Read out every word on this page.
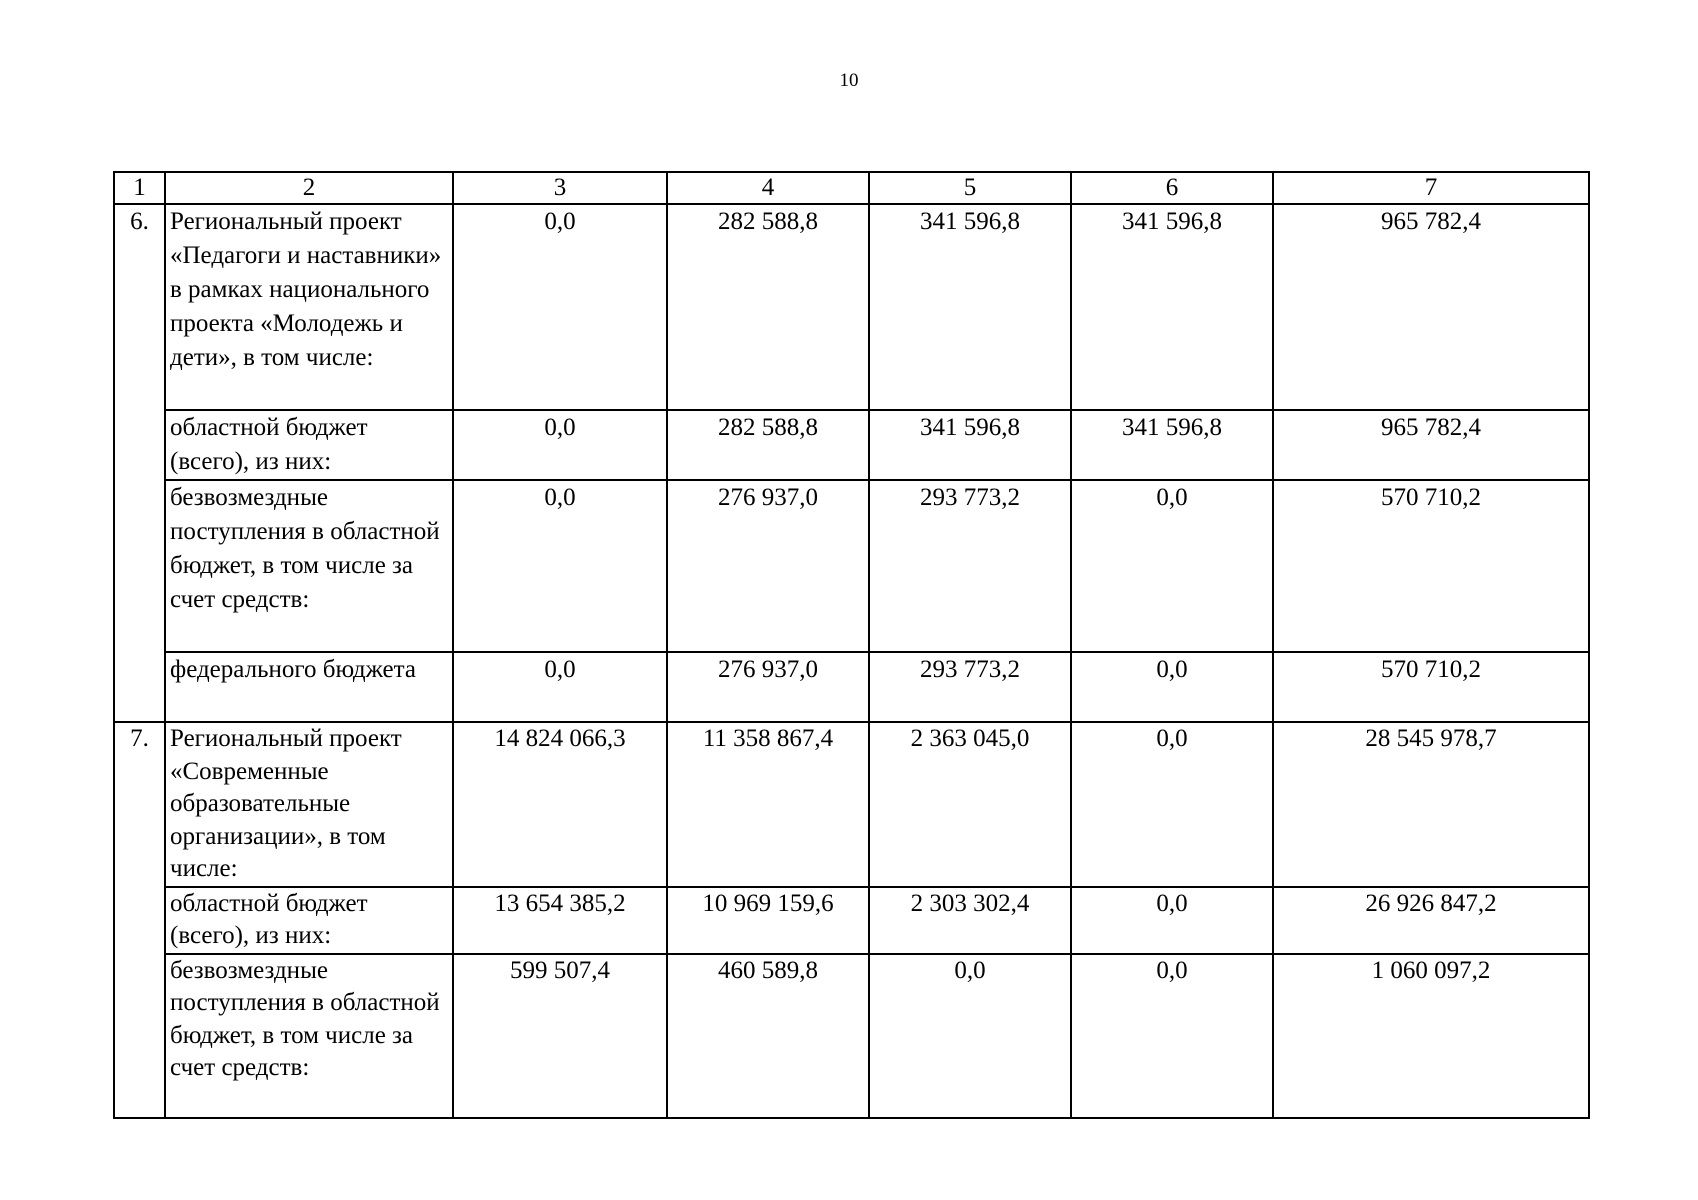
10
1	2	3	4	5	6	7
6.	Региональный проект «Педагоги и наставники» в рамках национального проекта «Молодежь и дети», в том числе:	0,0	282 588,8	341 596,8	341 596,8	965 782,4
	областной бюджет (всего), из них:	0,0	282 588,8	341 596,8	341 596,8	965 782,4
	безвозмездные поступления в областной бюджет, в том числе за счет средств:	0,0	276 937,0	293 773,2	0,0	570 710,2
	федерального бюджета	0,0	276 937,0	293 773,2	0,0	570 710,2
7.	Региональный проект «Современные образовательные организации», в том числе:	14 824 066,3	11 358 867,4	2 363 045,0	0,0	28 545 978,7
	областной бюджет (всего), из них:	13 654 385,2	10 969 159,6	2 303 302,4	0,0	26 926 847,2
	безвозмездные поступления в областной бюджет, в том числе за счет средств:	599 507,4	460 589,8	0,0	0,0	1 060 097,2
